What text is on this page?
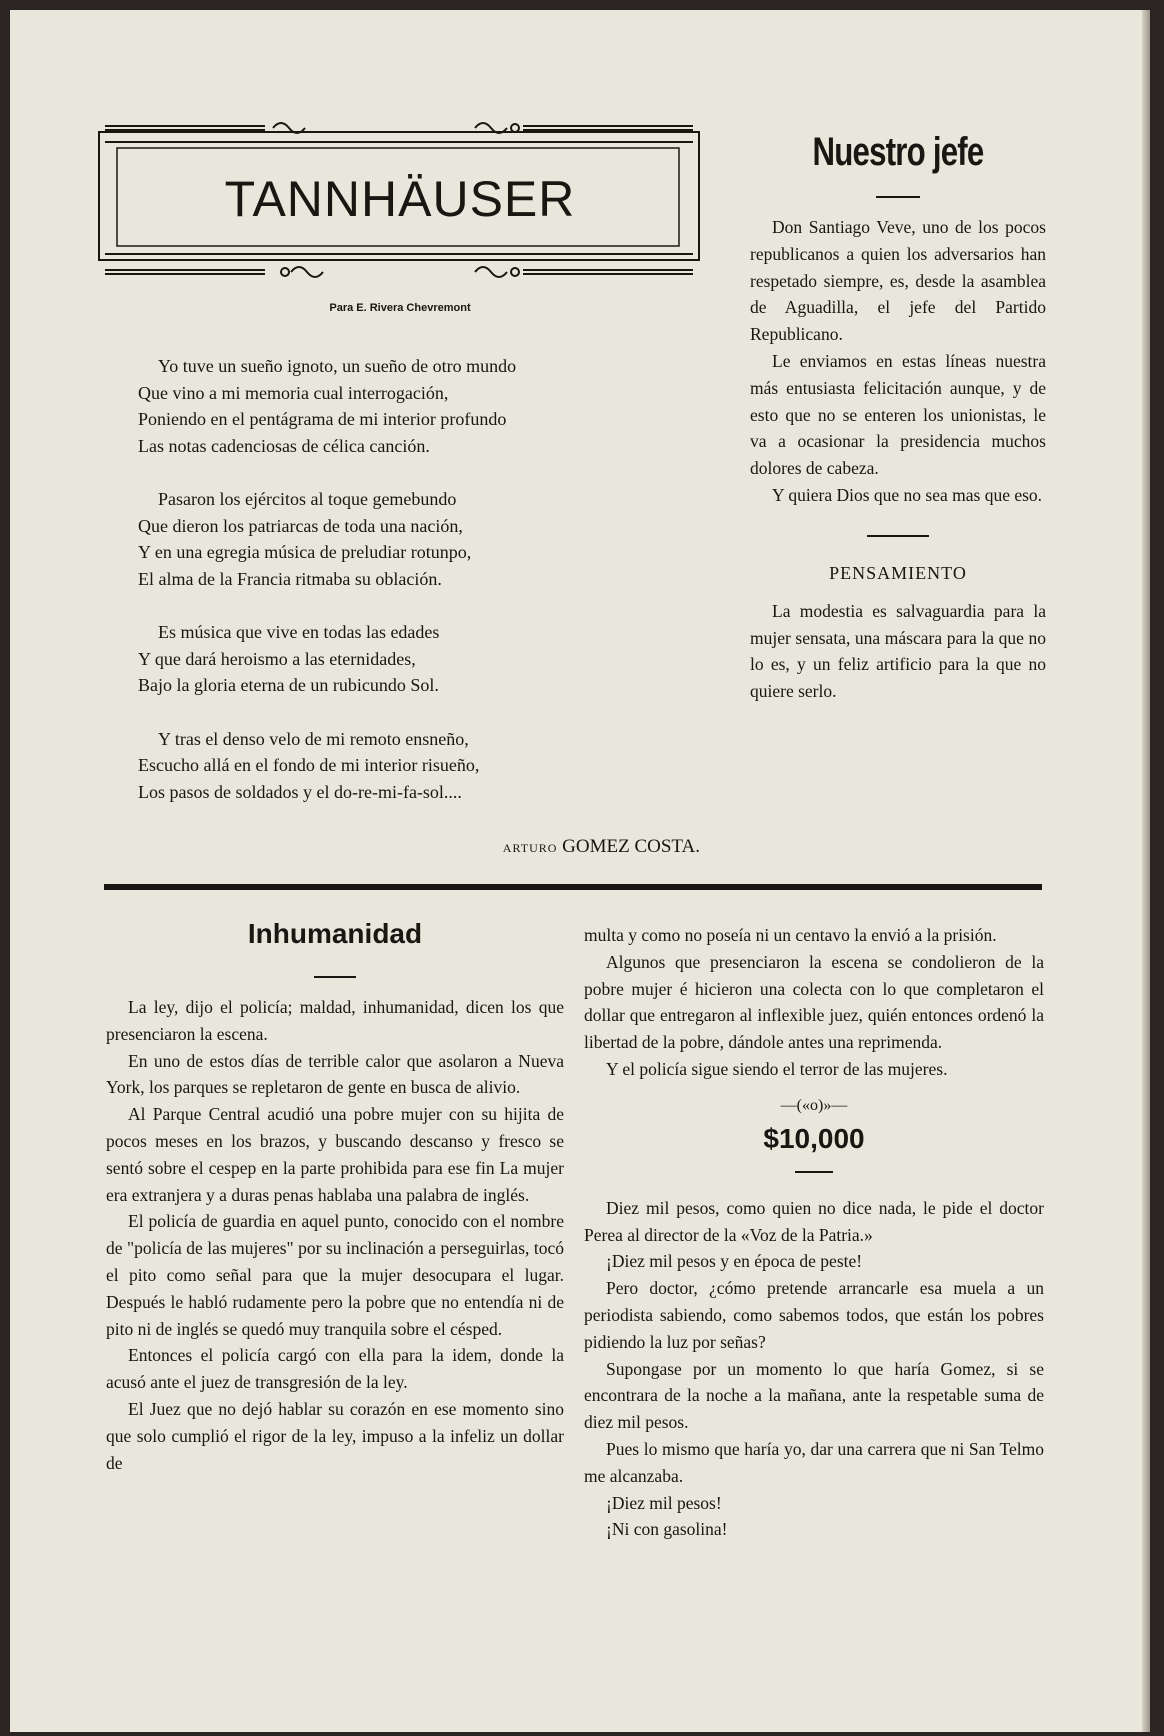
TANNHÄUSER
Para E. Rivera Chevremont

Yo tuve un sueño ignoto, un sueño de otro mundo

Que vino a mi memoria cual interrogación,

Poniendo en el pentágrama de mi interior profundo

Las notas cadenciosas de célica canción.

Pasaron los ejércitos al toque gemebundo

Que dieron los patriarcas de toda una nación,

Y en una egregia música de preludiar rotunpo,

El alma de la Francia ritmaba su oblación.

Es música que vive en todas las edades

Y que dará heroismo a las eternidades,

Bajo la gloria eterna de un rubicundo Sol.

Y tras el denso velo de mi remoto ensneño,

Escucho allá en el fondo de mi interior risueño,

Los pasos de soldados y el do-re-mi-fa-sol....

ARTURO GOMEZ COSTA.
Nuestro jefe

Don Santiago Veve, uno de los pocos republicanos a quien los adversarios han respetado siempre, es, desde la asamblea de Aguadilla, el jefe del Partido Republicano.

Le enviamos en estas líneas nuestra más entusiasta felicitación aunque, y de esto que no se enteren los unionistas, le va a ocasionar la presidencia muchos dolores de cabeza.

Y quiera Dios que no sea mas que eso.

PENSAMIENTO

La modestia es salvaguardia para la mujer sensata, una máscara para la que no lo es, y un feliz artificio para la que no quiere serlo.

Inhumanidad

La ley, dijo el policía; maldad, inhumanidad, dicen los que presenciaron la escena.

En uno de estos días de terrible calor que asolaron a Nueva York, los parques se repletaron de gente en busca de alivio.

Al Parque Central acudió una pobre mujer con su hijita de pocos meses en los brazos, y buscando descanso y fresco se sentó sobre el cespep en la parte prohibida para ese fin La mujer era extranjera y a duras penas hablaba una palabra de inglés.

El policía de guardia en aquel punto, conocido con el nombre de "policía de las mujeres" por su inclinación a perseguirlas, tocó el pito como señal para que la mujer desocupara el lugar. Después le habló rudamente pero la pobre que no entendía ni de pito ni de inglés se quedó muy tranquila sobre el césped.

Entonces el policía cargó con ella para la idem, donde la acusó ante el juez de transgresión de la ley.

El Juez que no dejó hablar su corazón en ese momento sino que solo cumplió el rigor de la ley, impuso a la infeliz un dollar de

multa y como no poseía ni un centavo la envió a la prisión.

Algunos que presenciaron la escena se condolieron de la pobre mujer é hicieron una colecta con lo que completaron el dollar que entregaron al inflexible juez, quién entonces ordenó la libertad de la pobre, dándole antes una reprimenda.

Y el policía sigue siendo el terror de las mujeres.

—(«o)»—
$10,000

Diez mil pesos, como quien no dice nada, le pide el doctor Perea al director de la «Voz de la Patria.»

¡Diez mil pesos y en época de peste!

Pero doctor, ¿cómo pretende arrancarle esa muela a un periodista sabiendo, como sabemos todos, que están los pobres pidiendo la luz por señas?

Supongase por un momento lo que haría Gomez, si se encontrara de la noche a la mañana, ante la respetable suma de diez mil pesos.

Pues lo mismo que haría yo, dar una carrera que ni San Telmo me alcanzaba.

¡Diez mil pesos!

¡Ni con gasolina!
